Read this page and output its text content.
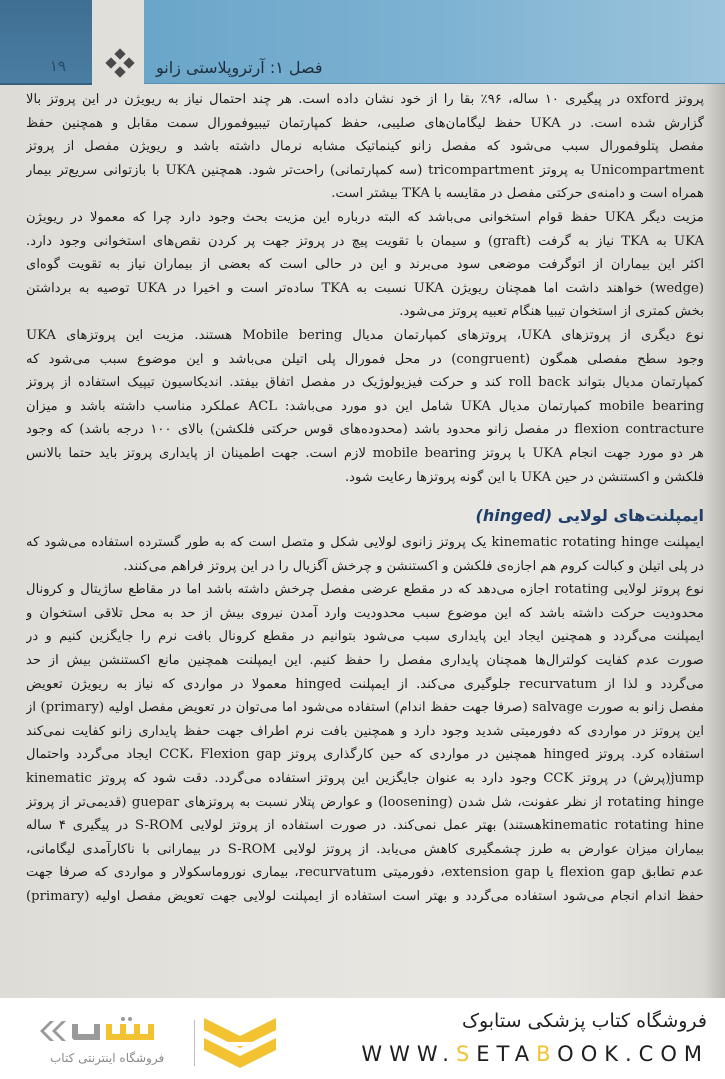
۱۹	فصل ۱: آرتروپلاستی زانو

پروتز oxford در پیگیری ۱۰ ساله، ۹۶٪ بقا را از خود نشان داده است. هر چند احتمال نیاز به ریویژن در این پروتز بالا
گزارش شده است. در UKA حفظ لیگامان‌های صلیبی، حفظ کمپارتمان تیبیوفمورال سمت مقابل و همچنین حفظ
مفصل پتلوفمورال سبب می‌شود که مفصل زانو کینماتیک مشابه نرمال داشته باشد و ریویژن مفصل از پروتز
Unicompartment به پروتز tricompartment (سه کمپارتمانی) راحت‌تر شود. همچنین UKA با بازتوانی سریع‌تر بیمار
همراه است و دامنه‌ی حرکتی مفصل در مقایسه با TKA بیشتر است.

مزیت دیگر UKA حفظ قوام استخوانی می‌باشد که البته درباره این مزیت بحث وجود دارد چرا که معمولا در ریویژن
UKA به TKA نیاز به گرفت (graft) و سیمان با تقویت پیچ در پروتز جهت پر کردن نقص‌های استخوانی وجود دارد.
اکثر این بیماران از اتوگرفت موضعی سود می‌برند و این در حالی است که بعضی از بیماران نیاز به تقویت گوه‌ای
(wedge) خواهند داشت اما همچنان ریویژن UKA نسبت به TKA ساده‌تر است و اخیرا در UKA توصیه به برداشتن
بخش کمتری از استخوان تیبیا هنگام تعبیه پروتز می‌شود.

نوع دیگری از پروتزهای UKA، پروتزهای کمپارتمان مدیال Mobile bering هستند. مزیت این پروتزهای UKA
وجود سطح مفصلی همگون (congruent) در محل فمورال پلی اتیلن می‌باشد و این موضوع سبب می‌شود که
کمپارتمان مدیال بتواند roll back کند و حرکت فیزیولوژیک در مفصل اتفاق بیفتد. اندیکاسیون تیپیک استفاده از پروتز
mobile bearing کمپارتمان مدیال UKA شامل این دو مورد می‌باشد: ACL عملکرد مناسب داشته باشد و میزان
flexion contracture در مفصل زانو محدود باشد (محدوده‌های قوس حرکتی فلکشن) بالای ۱۰۰ درجه باشد) که وجود
هر دو مورد جهت انجام UKA با پروتز mobile bearing لازم است. جهت اطمینان از پایداری پروتز باید حتما بالانس
فلکشن و اکستنشن در حین UKA با این گونه پروتزها رعایت شود.

ایمپلنت‌های لولایی (hinged)

ایمپلنت kinematic rotating hinge یک پروتز زانوی لولایی شکل و متصل است که به طور گسترده استفاده می‌شود که
در پلی اتیلن و کبالت کروم هم اجازه‌ی فلکشن و اکستنشن و چرخش آگزیال را در این پروتز فراهم می‌کنند.

نوع پروتز لولایی rotating اجازه می‌دهد که در مقطع عرضی مفصل چرخش داشته باشد اما در مقاطع ساژیتال و کرونال
محدودیت حرکت داشته باشد که این موضوع سبب محدودیت وارد آمدن نیروی بیش از حد به محل تلاقی استخوان و
ایمپلنت می‌گردد و همچنین ایجاد این پایداری سبب می‌شود بتوانیم در مقطع کرونال بافت نرم را جایگزین کنیم و در
صورت عدم کفایت کولترال‌ها همچنان پایداری مفصل را حفظ کنیم. این ایمپلنت همچنین مانع اکستنشن بیش از حد
می‌گردد و لذا از recurvatum جلوگیری می‌کند. از ایمپلنت hinged معمولا در مواردی که نیاز به ریویژن تعویض
مفصل زانو به صورت salvage (صرفا جهت حفظ اندام) استفاده می‌شود اما می‌توان در تعویض مفصل اولیه (primary) از
این پروتز در مواردی که دفورمیتی شدید وجود دارد و همچنین بافت نرم اطراف جهت حفظ پایداری زانو کفایت نمی‌کند
استفاده کرد. پروتز hinged همچنین در مواردی که حین کارگذاری پروتز CCK، Flexion gap ایجاد می‌گردد واحتمال
jump(پرش) در پروتز CCK وجود دارد به عنوان جایگزین این پروتز استفاده می‌گردد. دقت شود که پروتز kinematic
rotating hinge از نظر عفونت، شل شدن (loosening) و عوارض پتلار نسبت به پروتزهای guepar (قدیمی‌تر از پروتز
kinematic rotating hineهستند) بهتر عمل نمی‌کند. در صورت استفاده از پروتز لولایی S-ROM در پیگیری ۴ ساله
بیماران میزان عوارض به طرز چشمگیری کاهش می‌یابد. از پروتز لولایی S-ROM در بیمارانی با ناکارآمدی لیگامانی،
عدم تطابق flexion gap یا extension gap، دفورمیتی recurvatum، بیماری نوروماسکولار و مواردی که صرفا جهت
حفظ اندام انجام می‌شود استفاده می‌گردد و بهتر است استفاده از ایمپلنت لولایی جهت تعویض مفصل اولیه (primary)

فروشگاه اینترنتی کتاب
فروشگاه کتاب پزشکی ستابوک
WWW.SETABOOK.COM
